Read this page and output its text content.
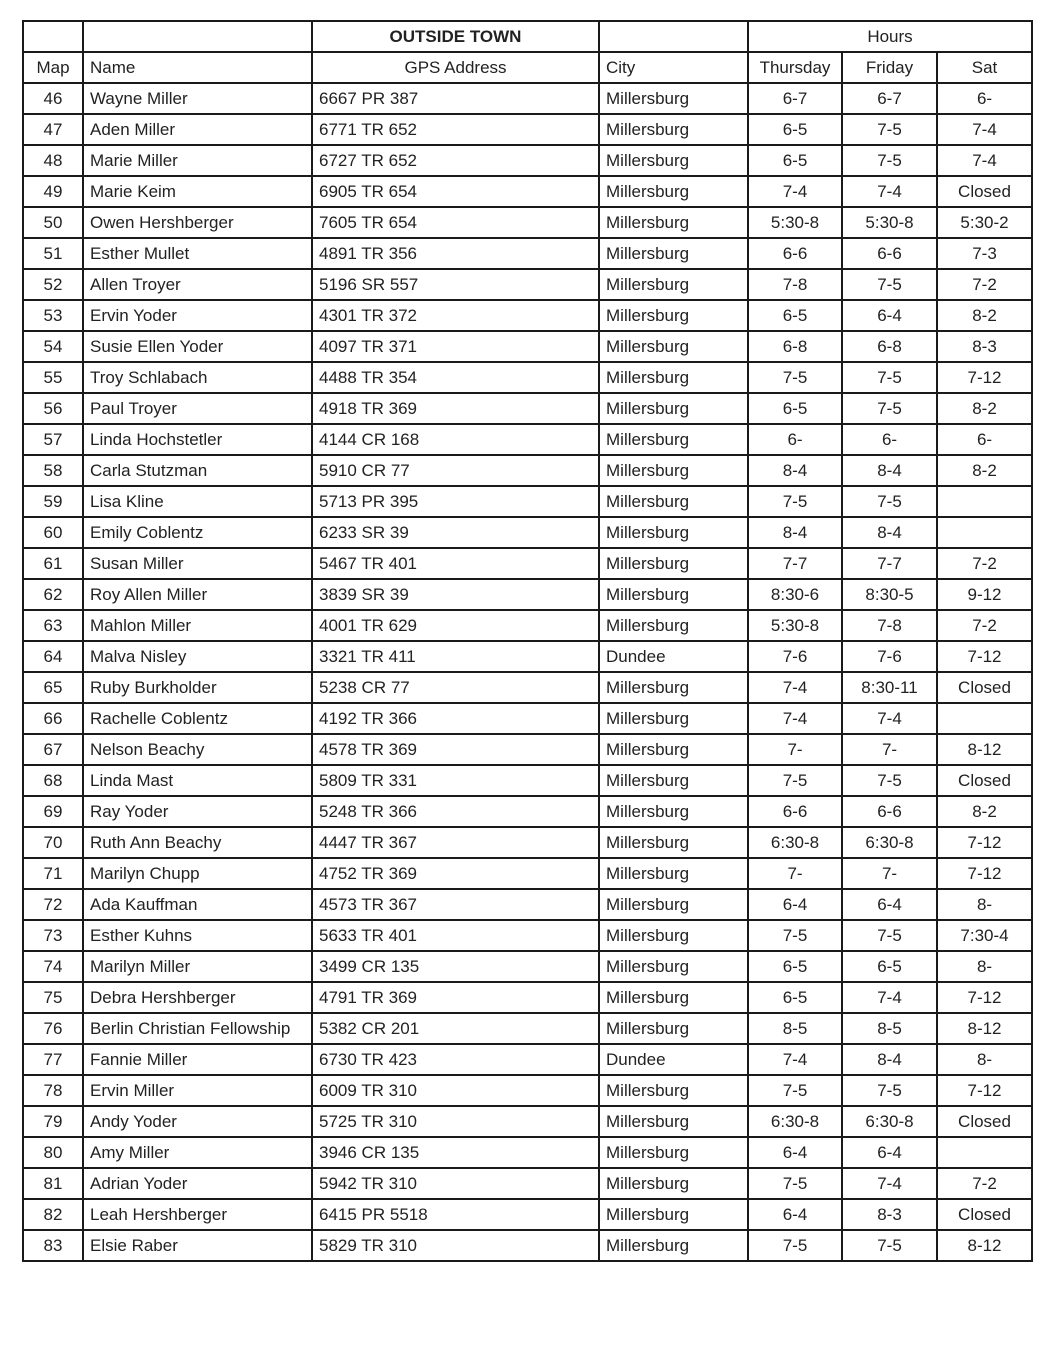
		OUTSIDE TOWN		Hours		
Map	Name	GPS Address	City	Thursday	Friday	Sat
46	Wayne Miller	6667 PR 387	Millersburg	6-7	6-7	6-
47	Aden Miller	6771 TR 652	Millersburg	6-5	7-5	7-4
48	Marie Miller	6727 TR 652	Millersburg	6-5	7-5	7-4
49	Marie Keim	6905 TR 654	Millersburg	7-4	7-4	Closed
50	Owen Hershberger	7605 TR 654	Millersburg	5:30-8	5:30-8	5:30-2
51	Esther Mullet	4891 TR 356	Millersburg	6-6	6-6	7-3
52	Allen Troyer	5196 SR 557	Millersburg	7-8	7-5	7-2
53	Ervin Yoder	4301 TR 372	Millersburg	6-5	6-4	8-2
54	Susie Ellen Yoder	4097 TR 371	Millersburg	6-8	6-8	8-3
55	Troy Schlabach	4488 TR 354	Millersburg	7-5	7-5	7-12
56	Paul Troyer	4918 TR 369	Millersburg	6-5	7-5	8-2
57	Linda Hochstetler	4144 CR 168	Millersburg	6-	6-	6-
58	Carla Stutzman	5910 CR 77	Millersburg	8-4	8-4	8-2
59	Lisa Kline	5713 PR 395	Millersburg	7-5	7-5	
60	Emily Coblentz	6233 SR 39	Millersburg	8-4	8-4	
61	Susan Miller	5467 TR 401	Millersburg	7-7	7-7	7-2
62	Roy Allen Miller	3839 SR 39	Millersburg	8:30-6	8:30-5	9-12
63	Mahlon Miller	4001 TR 629	Millersburg	5:30-8	7-8	7-2
64	Malva Nisley	3321 TR 411	Dundee	7-6	7-6	7-12
65	Ruby Burkholder	5238 CR 77	Millersburg	7-4	8:30-11	Closed
66	Rachelle Coblentz	4192 TR 366	Millersburg	7-4	7-4	
67	Nelson Beachy	4578 TR 369	Millersburg	7-	7-	8-12
68	Linda Mast	5809 TR 331	Millersburg	7-5	7-5	Closed
69	Ray Yoder	5248 TR 366	Millersburg	6-6	6-6	8-2
70	Ruth Ann Beachy	4447 TR 367	Millersburg	6:30-8	6:30-8	7-12
71	Marilyn Chupp	4752 TR 369	Millersburg	7-	7-	7-12
72	Ada Kauffman	4573 TR 367	Millersburg	6-4	6-4	8-
73	Esther Kuhns	5633 TR 401	Millersburg	7-5	7-5	7:30-4
74	Marilyn Miller	3499 CR 135	Millersburg	6-5	6-5	8-
75	Debra Hershberger	4791 TR 369	Millersburg	6-5	7-4	7-12
76	Berlin Christian Fellowship	5382 CR 201	Millersburg	8-5	8-5	8-12
77	Fannie Miller	6730 TR 423	Dundee	7-4	8-4	8-
78	Ervin Miller	6009 TR 310	Millersburg	7-5	7-5	7-12
79	Andy Yoder	5725 TR 310	Millersburg	6:30-8	6:30-8	Closed
80	Amy Miller	3946 CR 135	Millersburg	6-4	6-4	
81	Adrian Yoder	5942 TR 310	Millersburg	7-5	7-4	7-2
82	Leah Hershberger	6415 PR 5518	Millersburg	6-4	8-3	Closed
83	Elsie Raber	5829 TR 310	Millersburg	7-5	7-5	8-12
